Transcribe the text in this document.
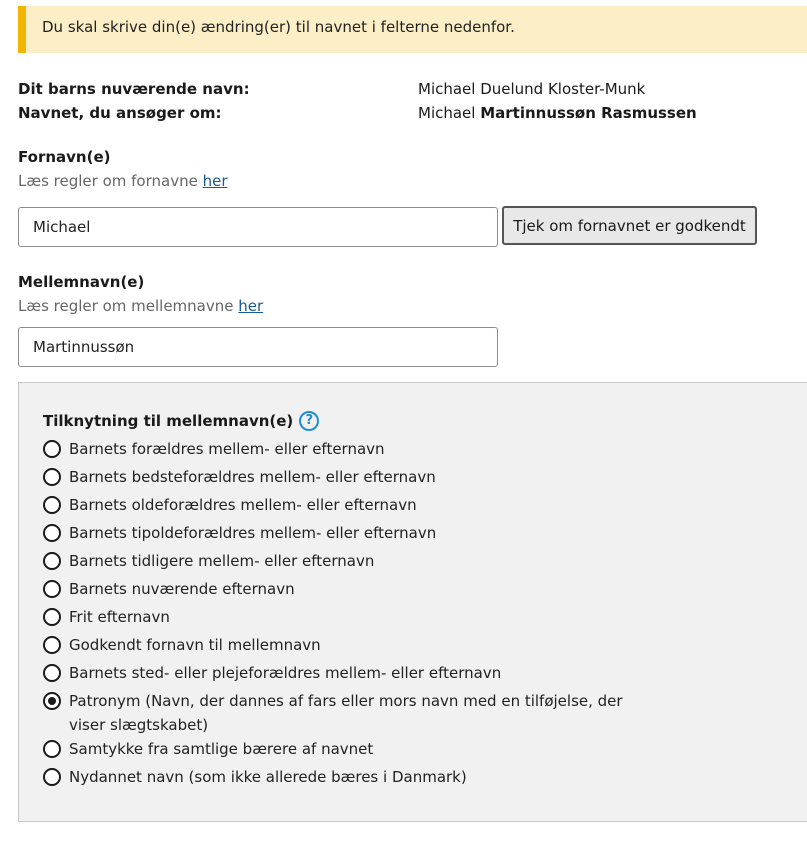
Du skal skrive din(e) ændring(er) til navnet i felterne nedenfor.
Dit barns nuværende navn:	Michael Duelund Kloster-Munk
Navnet, du ansøger om:	Michael Martinnussøn Rasmussen
Fornavn(e)
Læs regler om fornavne her
Michael
Tjek om fornavnet er godkendt
Mellemnavn(e)
Læs regler om mellemnavne her
Martinnussøn
Tilknytning til mellemnavn(e) ?
Barnets forældres mellem- eller efternavn
Barnets bedsteforældres mellem- eller efternavn
Barnets oldeforældres mellem- eller efternavn
Barnets tipoldeforældres mellem- eller efternavn
Barnets tidligere mellem- eller efternavn
Barnets nuværende efternavn
Frit efternavn
Godkendt fornavn til mellemnavn
Barnets sted- eller plejeforældres mellem- eller efternavn
Patronym (Navn, der dannes af fars eller mors navn med en tilføjelse, der viser slægtskabet)
Samtykke fra samtlige bærere af navnet
Nydannet navn (som ikke allerede bæres i Danmark)
